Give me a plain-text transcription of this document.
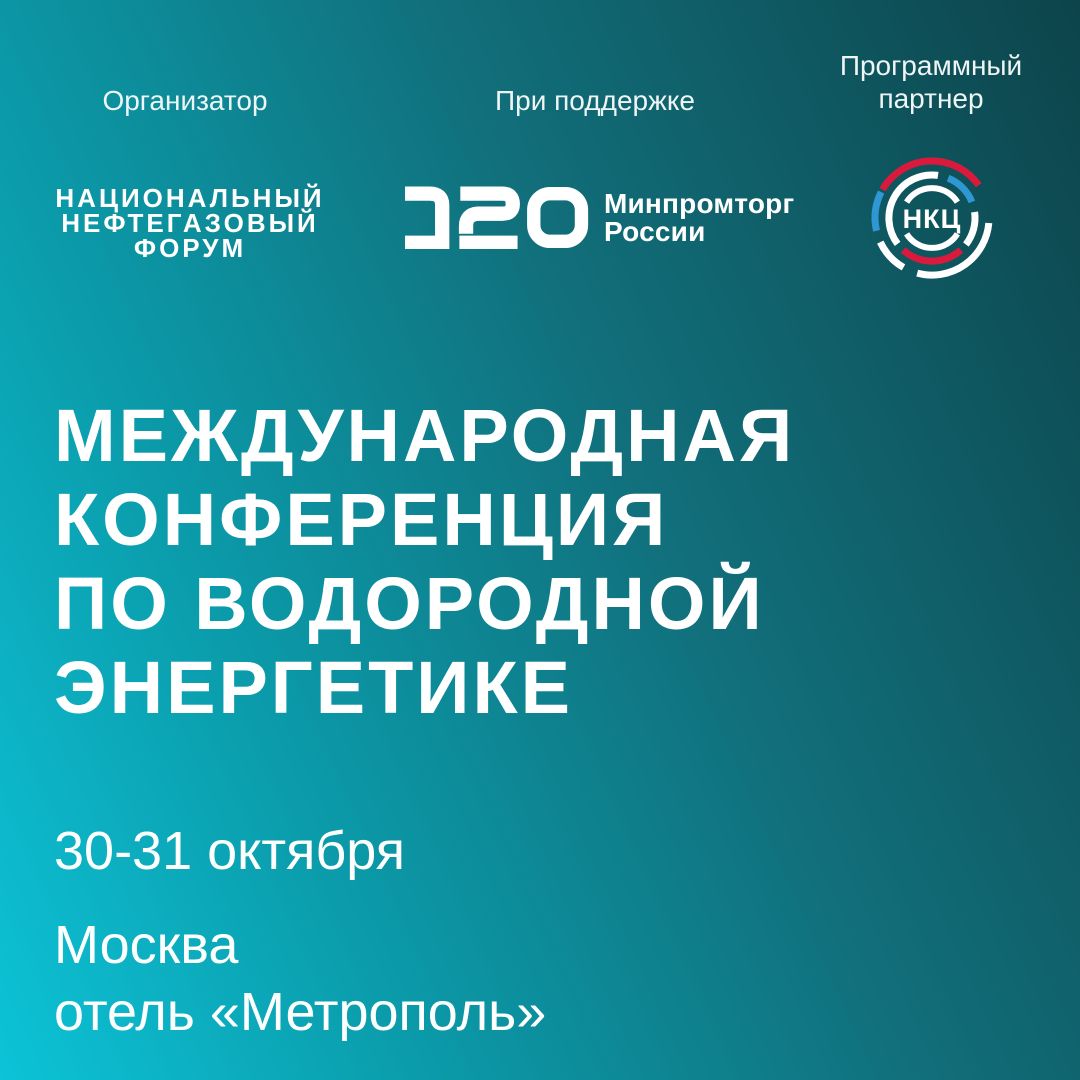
Организатор	При поддержке
Программный
партнер
НАЦИОНАЛЬНЫЙ
НЕФТЕГАЗОВЫЙ
ФОРУМ
Минпромторг
России	НКЦ
МЕЖДУНАРОДНАЯ
КОНФЕРЕНЦИЯ
ПО ВОДОРОДНОЙ
ЭНЕРГЕТИКЕ
30-31 октября
Москва
отель «Метрополь»
